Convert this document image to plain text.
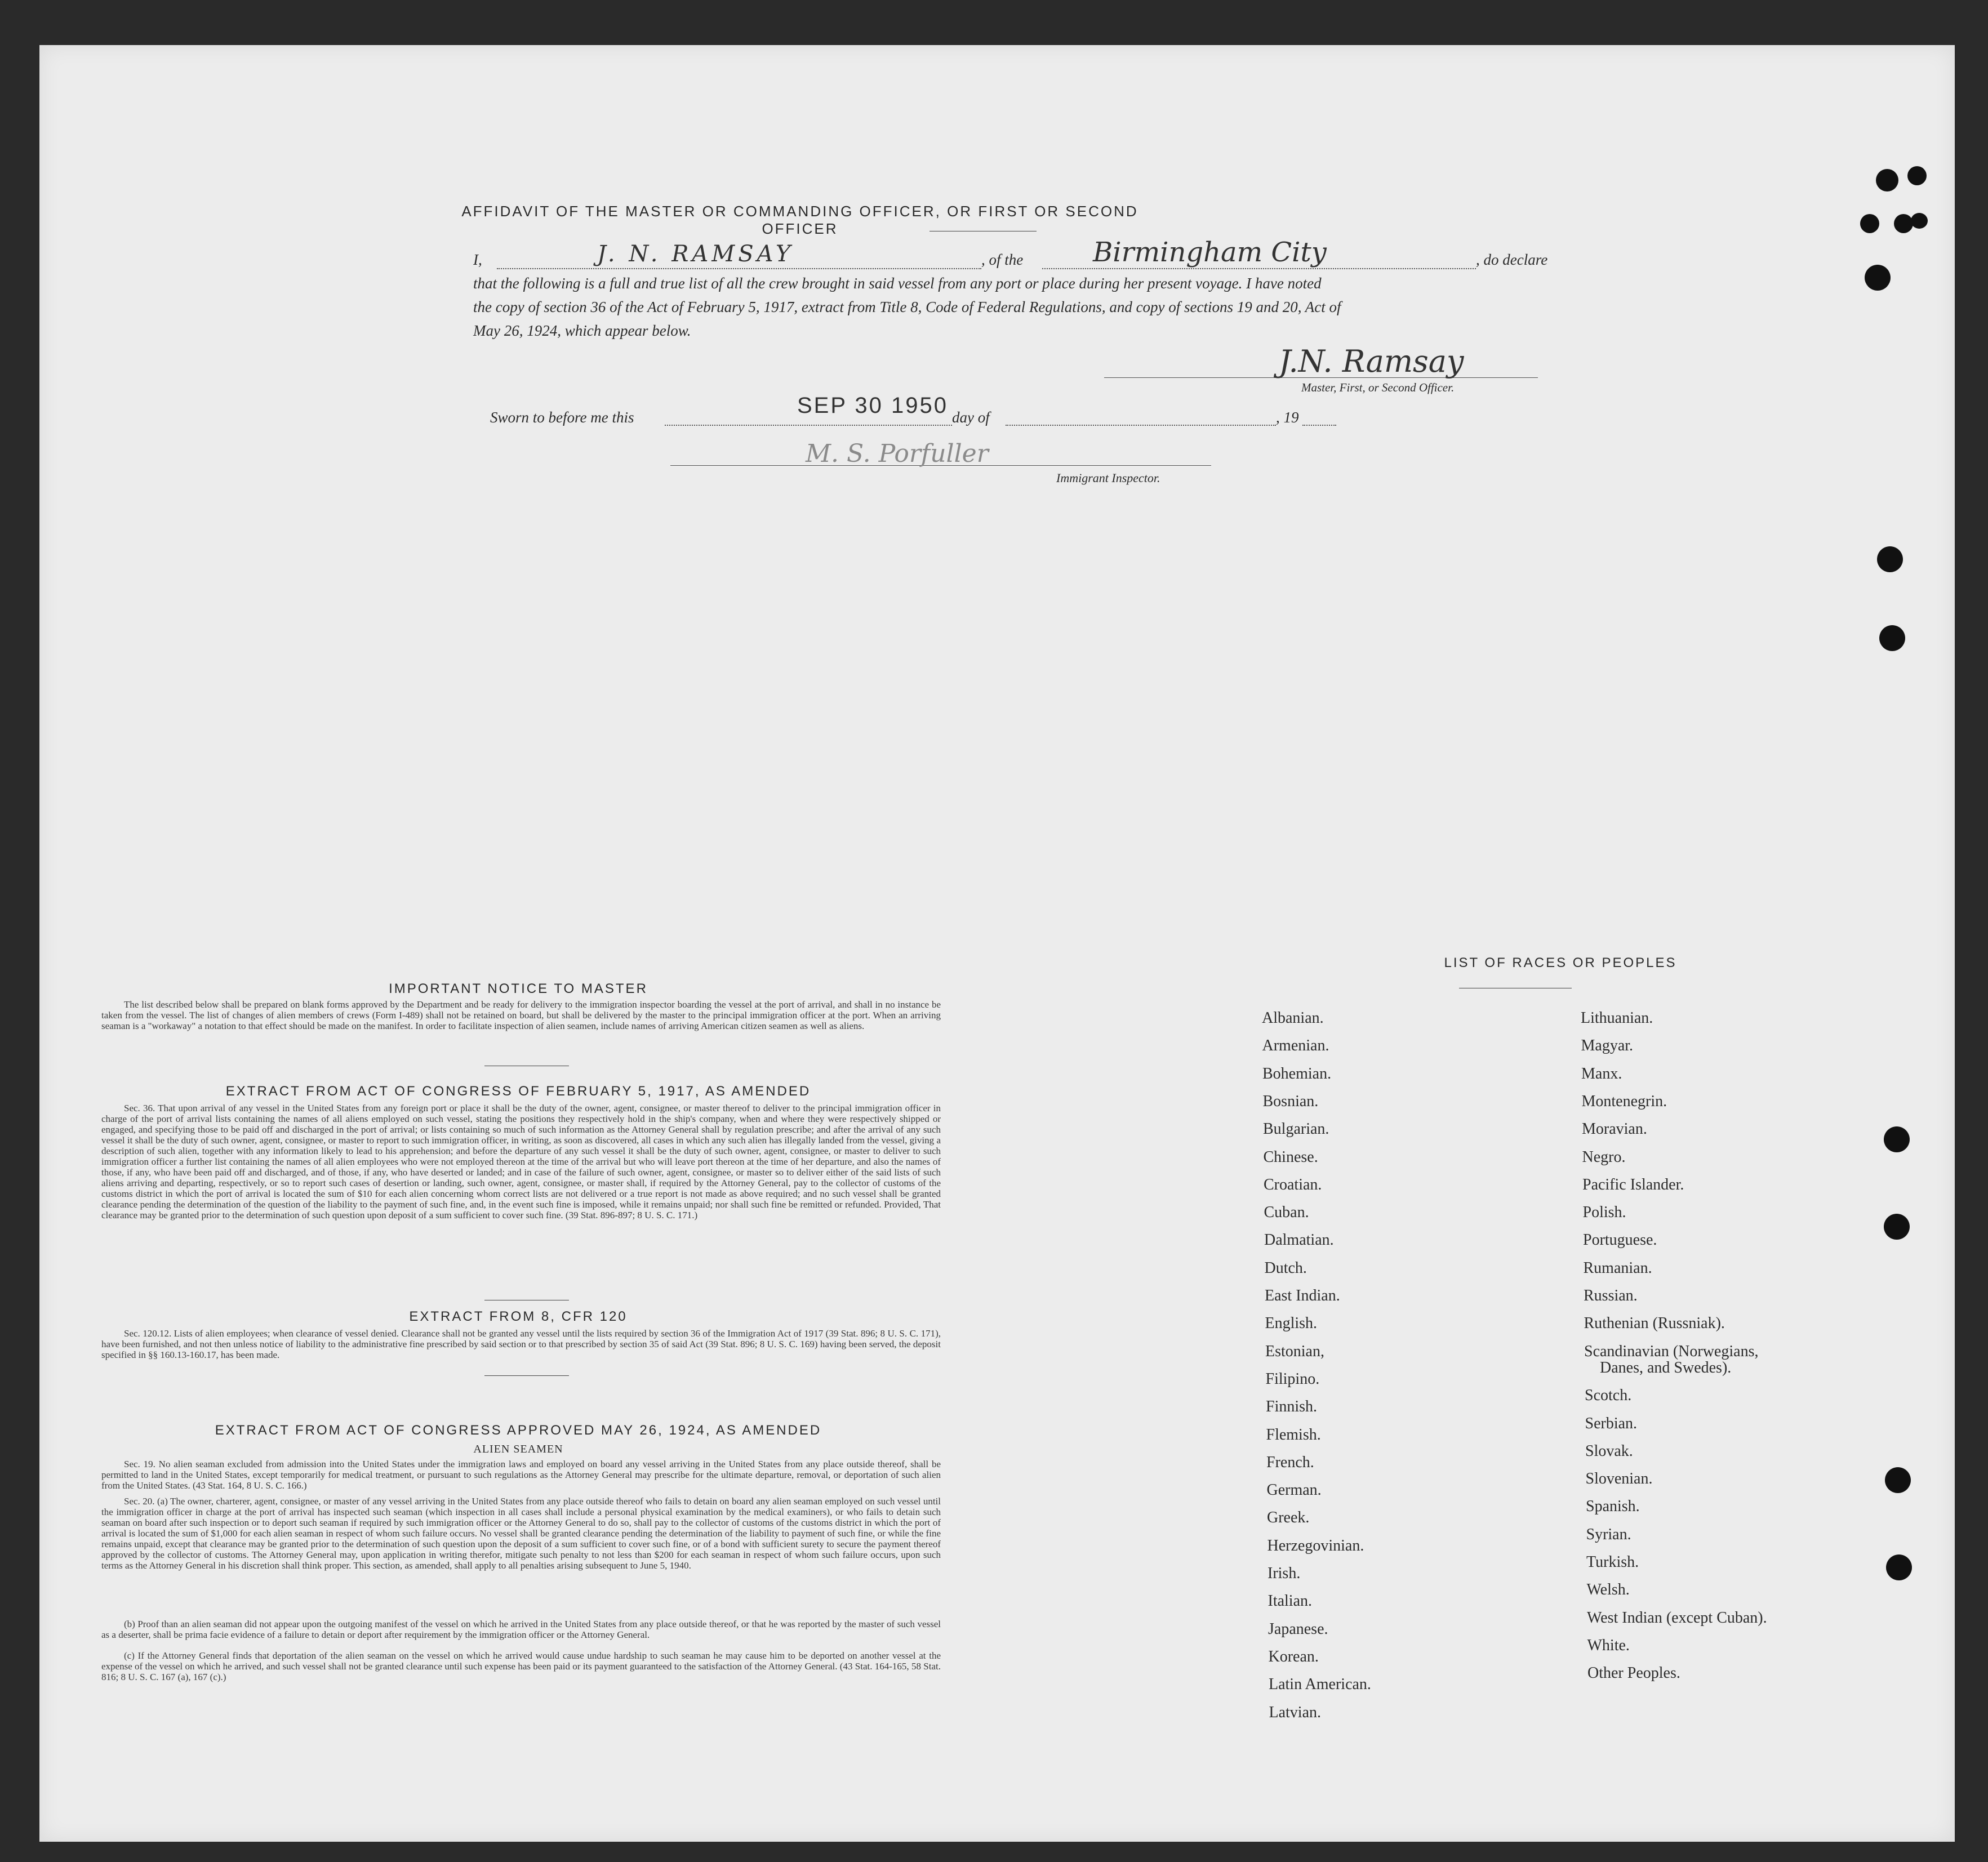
AFFIDAVIT OF THE MASTER OR COMMANDING OFFICER, OR FIRST OR SECOND OFFICER
I,	J. N. RAMSAY	, of the	Birmingham City	, do declare
that the following is a full and true list of all the crew brought in said vessel from any port or place during her present voyage. I have noted
the copy of section 36 of the Act of February 5, 1917, extract from Title 8, Code of Federal Regulations, and copy of sections 19 and 20, Act of
May 26, 1924, which appear below.
J.N. Ramsay
Master, First, or Second Officer.
Sworn to before me this	SEP 30 1950 day of	, 19
M. S. Porfuller
Immigrant Inspector.
IMPORTANT NOTICE TO MASTER
The list described below shall be prepared on blank forms approved by the Department and be ready for delivery to the immigration inspector boarding the vessel at the port of arrival, and shall in no instance be taken from the vessel. The list of changes of alien members of crews (Form I-489) shall not be retained on board, but shall be delivered by the master to the principal immigration officer at the port. When an arriving seaman is a "workaway" a notation to that effect should be made on the manifest. In order to facilitate inspection of alien seamen, include names of arriving American citizen seamen as well as aliens.
EXTRACT FROM ACT OF CONGRESS OF FEBRUARY 5, 1917, AS AMENDED
Sec. 36. That upon arrival of any vessel in the United States from any foreign port or place it shall be the duty of the owner, agent, consignee, or master thereof to deliver to the principal immigration officer in charge of the port of arrival lists containing the names of all aliens employed on such vessel, stating the positions they respectively hold in the ship's company, when and where they were respectively shipped or engaged, and specifying those to be paid off and discharged in the port of arrival; or lists containing so much of such information as the Attorney General shall by regulation prescribe; and after the arrival of any such vessel it shall be the duty of such owner, agent, consignee, or master to report to such immigration officer, in writing, as soon as discovered, all cases in which any such alien has illegally landed from the vessel, giving a description of such alien, together with any information likely to lead to his apprehension; and before the departure of any such vessel it shall be the duty of such owner, agent, consignee, or master to deliver to such immigration officer a further list containing the names of all alien employees who were not employed thereon at the time of the arrival but who will leave port thereon at the time of her departure, and also the names of those, if any, who have been paid off and discharged, and of those, if any, who have deserted or landed; and in case of the failure of such owner, agent, consignee, or master so to deliver either of the said lists of such aliens arriving and departing, respectively, or so to report such cases of desertion or landing, such owner, agent, consignee, or master shall, if required by the Attorney General, pay to the collector of customs of the customs district in which the port of arrival is located the sum of $10 for each alien concerning whom correct lists are not delivered or a true report is not made as above required; and no such vessel shall be granted clearance pending the determination of the question of the liability to the payment of such fine, and, in the event such fine is imposed, while it remains unpaid; nor shall such fine be remitted or refunded. Provided, That clearance may be granted prior to the determination of such question upon deposit of a sum sufficient to cover such fine. (39 Stat. 896-897; 8 U. S. C. 171.)
EXTRACT FROM 8, CFR 120
Sec. 120.12. Lists of alien employees; when clearance of vessel denied. Clearance shall not be granted any vessel until the lists required by section 36 of the Immigration Act of 1917 (39 Stat. 896; 8 U. S. C. 171), have been furnished, and not then unless notice of liability to the administrative fine prescribed by said section or to that prescribed by section 35 of said Act (39 Stat. 896; 8 U. S. C. 169) having been served, the deposit specified in §§ 160.13-160.17, has been made.
EXTRACT FROM ACT OF CONGRESS APPROVED MAY 26, 1924, AS AMENDED
ALIEN SEAMEN
Sec. 19. No alien seaman excluded from admission into the United States under the immigration laws and employed on board any vessel arriving in the United States from any place outside thereof, shall be permitted to land in the United States, except temporarily for medical treatment, or pursuant to such regulations as the Attorney General may prescribe for the ultimate departure, removal, or deportation of such alien from the United States. (43 Stat. 164, 8 U. S. C. 166.)
Sec. 20. (a) The owner, charterer, agent, consignee, or master of any vessel arriving in the United States from any place outside thereof who fails to detain on board any alien seaman employed on such vessel until the immigration officer in charge at the port of arrival has inspected such seaman (which inspection in all cases shall include a personal physical examination by the medical examiners), or who fails to detain such seaman on board after such inspection or to deport such seaman if required by such immigration officer or the Attorney General to do so, shall pay to the collector of customs of the customs district in which the port of arrival is located the sum of $1,000 for each alien seaman in respect of whom such failure occurs. No vessel shall be granted clearance pending the determination of the liability to payment of such fine, or while the fine remains unpaid, except that clearance may be granted prior to the determination of such question upon the deposit of a sum sufficient to cover such fine, or of a bond with sufficient surety to secure the payment thereof approved by the collector of customs. The Attorney General may, upon application in writing therefor, mitigate such penalty to not less than $200 for each seaman in respect of whom such failure occurs, upon such terms as the Attorney General in his discretion shall think proper. This section, as amended, shall apply to all penalties arising subsequent to June 5, 1940.
(b) Proof than an alien seaman did not appear upon the outgoing manifest of the vessel on which he arrived in the United States from any place outside thereof, or that he was reported by the master of such vessel as a deserter, shall be prima facie evidence of a failure to detain or deport after requirement by the immigration officer or the Attorney General.
(c) If the Attorney General finds that deportation of the alien seaman on the vessel on which he arrived would cause undue hardship to such seaman he may cause him to be deported on another vessel at the expense of the vessel on which he arrived, and such vessel shall not be granted clearance until such expense has been paid or its payment guaranteed to the satisfaction of the Attorney General. (43 Stat. 164-165, 58 Stat. 816; 8 U. S. C. 167 (a), 167 (c).)
LIST OF RACES OR PEOPLES
Albanian.
Armenian.
Bohemian.
Bosnian.
Bulgarian.
Chinese.
Croatian.
Cuban.
Dalmatian.
Dutch.
East Indian.
English.
Estonian,
Filipino.
Finnish.
Flemish.
French.
German.
Greek.
Herzegovinian.
Irish.
Italian.
Japanese.
Korean.
Latin American.
Latvian.
Lithuanian.
Magyar.
Manx.
Montenegrin.
Moravian.
Negro.
Pacific Islander.
Polish.
Portuguese.
Rumanian.
Russian.
Ruthenian (Russniak).
Scandinavian (Norwegians,
Danes, and Swedes).
Scotch.
Serbian.
Slovak.
Slovenian.
Spanish.
Syrian.
Turkish.
Welsh.
West Indian (except Cuban).
White.
Other Peoples.
